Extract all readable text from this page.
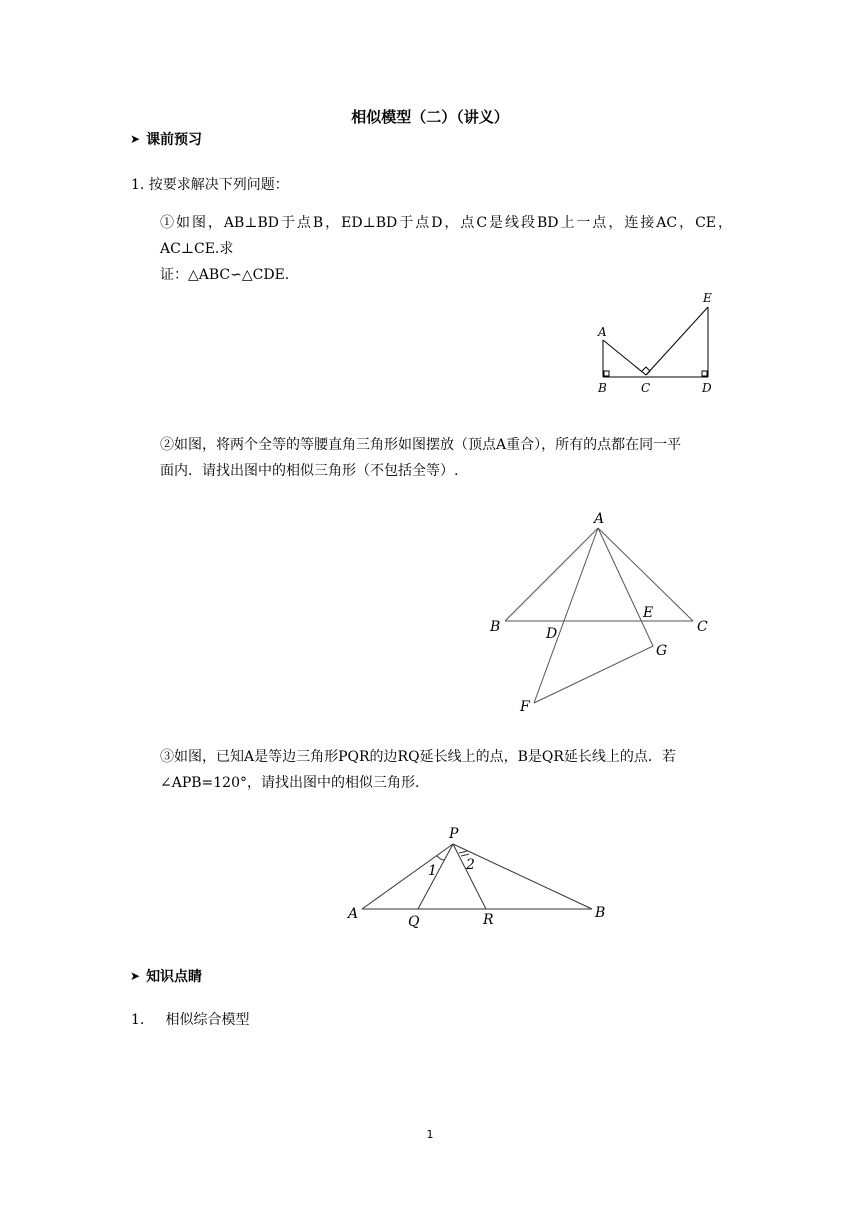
相似模型（二）（讲义）
➤ 课前预习
1. 按要求解决下列问题：
①如图，AB⊥BD于点B，ED⊥BD于点D，点C是线段BD上一点，连接AC，CE，AC⊥CE.求
证：△ABC∽△CDE.
A
B	C	D
E
②如图，将两个全等的等腰直角三角形如图摆放（顶点A重合），所有的点都在同一平
面内．请找出图中的相似三角形（不包括全等）.
A
B	C
D
E
F
G
③如图，已知A是等边三角形PQR的边RQ延长线上的点，B是QR延长线上的点．若
∠APB=120°，请找出图中的相似三角形.
P
A	Q	R	B
1 2
➤ 知识点睛
1. 相似综合模型
1
